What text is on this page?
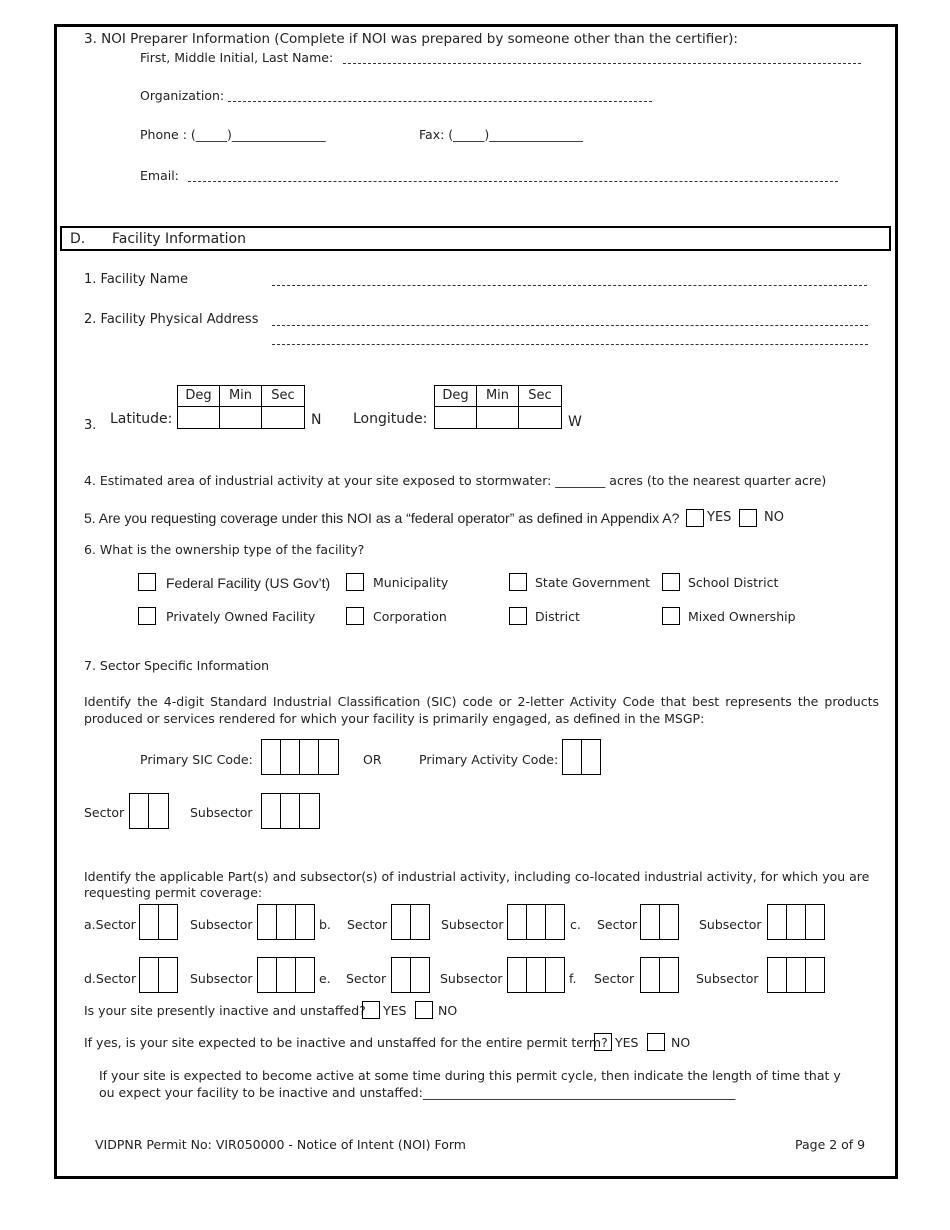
3. NOI Preparer Information (Complete if NOI was prepared by someone other than the certifier):
First, Middle Initial, Last Name:
Organization:
Phone : (_____)_______________	Fax: (_____)_______________
Email:
D. Facility Information
1. Facility Name
2. Facility Physical Address
3. Latitude:
Deg	Min	Sec
N Longitude:
Deg	Min	Sec
W
4. Estimated area of industrial activity at your site exposed to stormwater: ________ acres (to the nearest quarter acre)
5. Are you requesting coverage under this NOI as a “federal operator” as defined in Appendix A? YES	NO
6. What is the ownership type of the facility?
Federal Facility (US Gov’t)	Municipality	State Government	School District
Privately Owned Facility	Corporation	District	Mixed Ownership
7. Sector Specific Information
Identify the 4-digit Standard Industrial Classification (SIC) code or 2-letter Activity Code that best represents the products produced or services rendered for which your facility is primarily engaged, as defined in the MSGP:
Primary SIC Code:	OR	Primary Activity Code:
Sector	Subsector
Identify the applicable Part(s) and subsector(s) of industrial activity, including co-located industrial activity, for which you are requesting permit coverage:
a.Sector	Subsector	b. Sector	Subsector	c. Sector	Subsector
d.Sector	Subsector	e. Sector	Subsector	f. Sector	Subsector
Is your site presently inactive and unstaffed? YES	NO
If yes, is your site expected to be inactive and unstaffed for the entire permit term? YES	NO
If your site is expected to become active at some time during this permit cycle, then indicate the length of time that you expect your facility to be inactive and unstaffed:__________________________________________________
VIDPNR Permit No: VIR050000 - Notice of Intent (NOI) Form	Page 2 of 9
